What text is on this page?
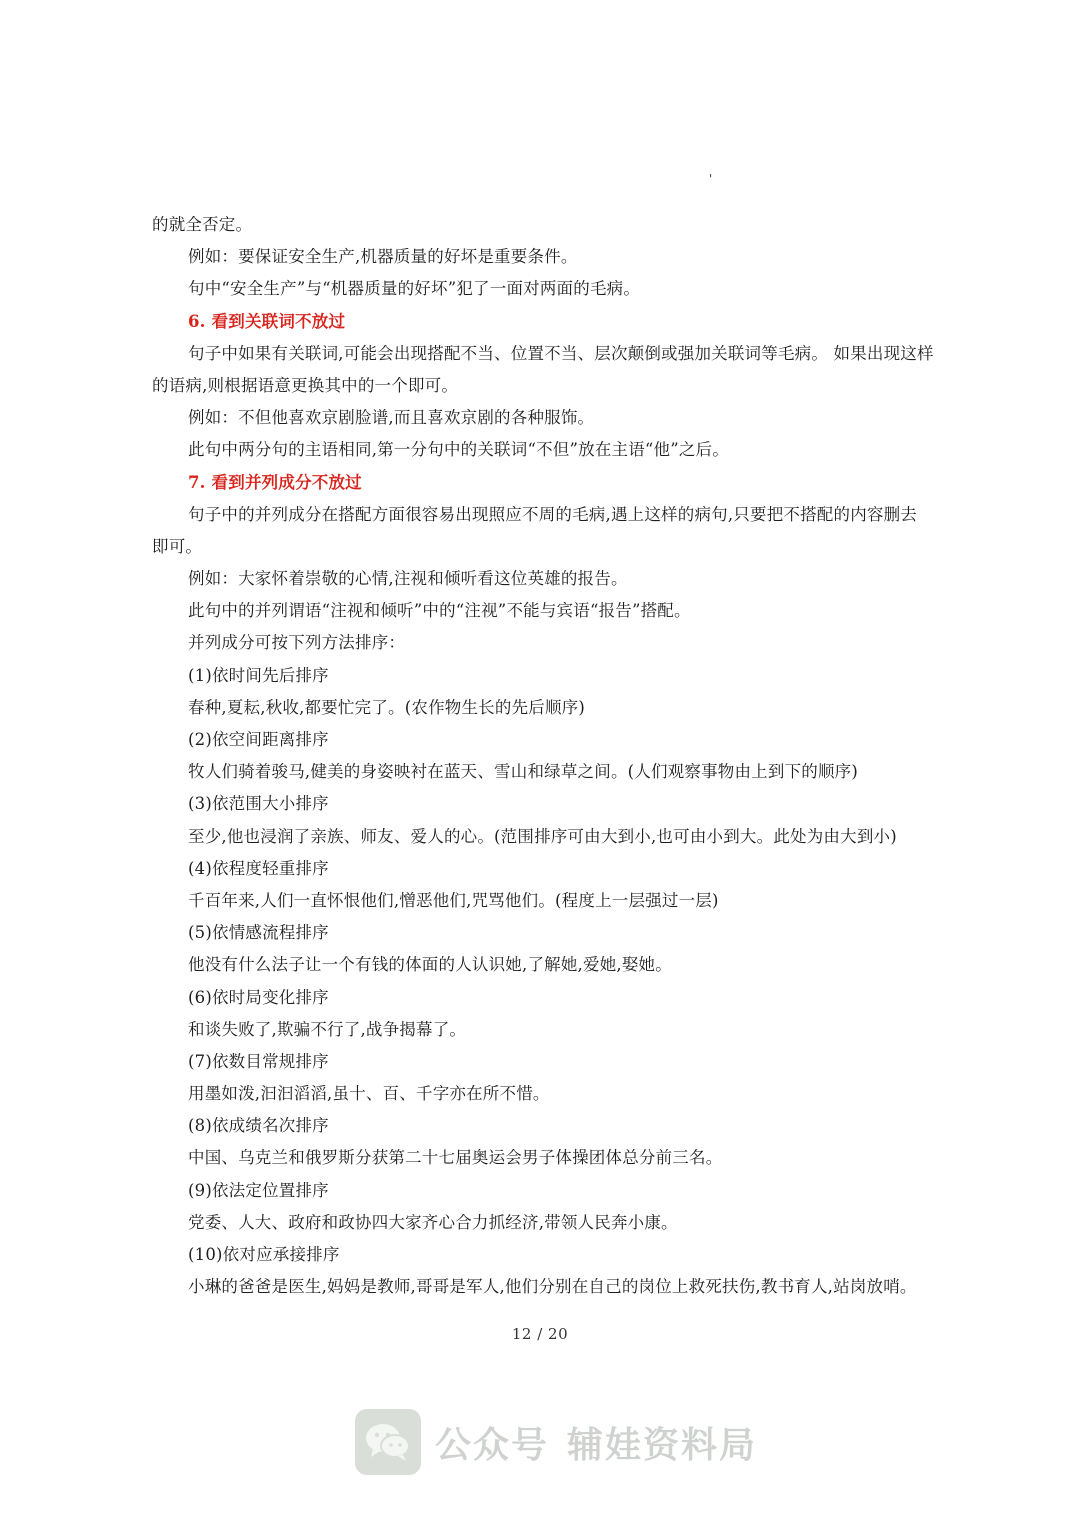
'
的就全否定。
例如：要保证安全生产,机器质量的好坏是重要条件。
句中“安全生产”与“机器质量的好坏”犯了一面对两面的毛病。
6. 看到关联词不放过
句子中如果有关联词,可能会出现搭配不当、位置不当、层次颠倒或强加关联词等毛病。 如果出现这样
的语病,则根据语意更换其中的一个即可。
例如：不但他喜欢京剧脸谱,而且喜欢京剧的各种服饰。
此句中两分句的主语相同,第一分句中的关联词“不但”放在主语“他”之后。
7. 看到并列成分不放过
句子中的并列成分在搭配方面很容易出现照应不周的毛病,遇上这样的病句,只要把不搭配的内容删去
即可。
例如：大家怀着崇敬的心情,注视和倾听看这位英雄的报告。
此句中的并列谓语“注视和倾听”中的“注视”不能与宾语“报告”搭配。
并列成分可按下列方法排序：
(1)依时间先后排序
春种,夏耘,秋收,都要忙完了。(农作物生长的先后顺序)
(2)依空间距离排序
牧人们骑着骏马,健美的身姿映衬在蓝天、雪山和绿草之间。(人们观察事物由上到下的顺序)
(3)依范围大小排序
至少,他也浸润了亲族、师友、爱人的心。(范围排序可由大到小,也可由小到大。此处为由大到小)
(4)依程度轻重排序
千百年来,人们一直怀恨他们,憎恶他们,咒骂他们。(程度上一层强过一层)
(5)依情感流程排序
他没有什么法子让一个有钱的体面的人认识她,了解她,爱她,娶她。
(6)依时局变化排序
和谈失败了,欺骗不行了,战争揭幕了。
(7)依数目常规排序
用墨如泼,汩汩滔滔,虽十、百、千字亦在所不惜。
(8)依成绩名次排序
中国、乌克兰和俄罗斯分获第二十七届奥运会男子体操团体总分前三名。
(9)依法定位置排序
党委、人大、政府和政协四大家齐心合力抓经济,带领人民奔小康。
(10)依对应承接排序
小琳的爸爸是医生,妈妈是教师,哥哥是军人,他们分别在自己的岗位上救死扶伤,教书育人,站岗放哨。
12 / 20
公众号 辅娃资料局
